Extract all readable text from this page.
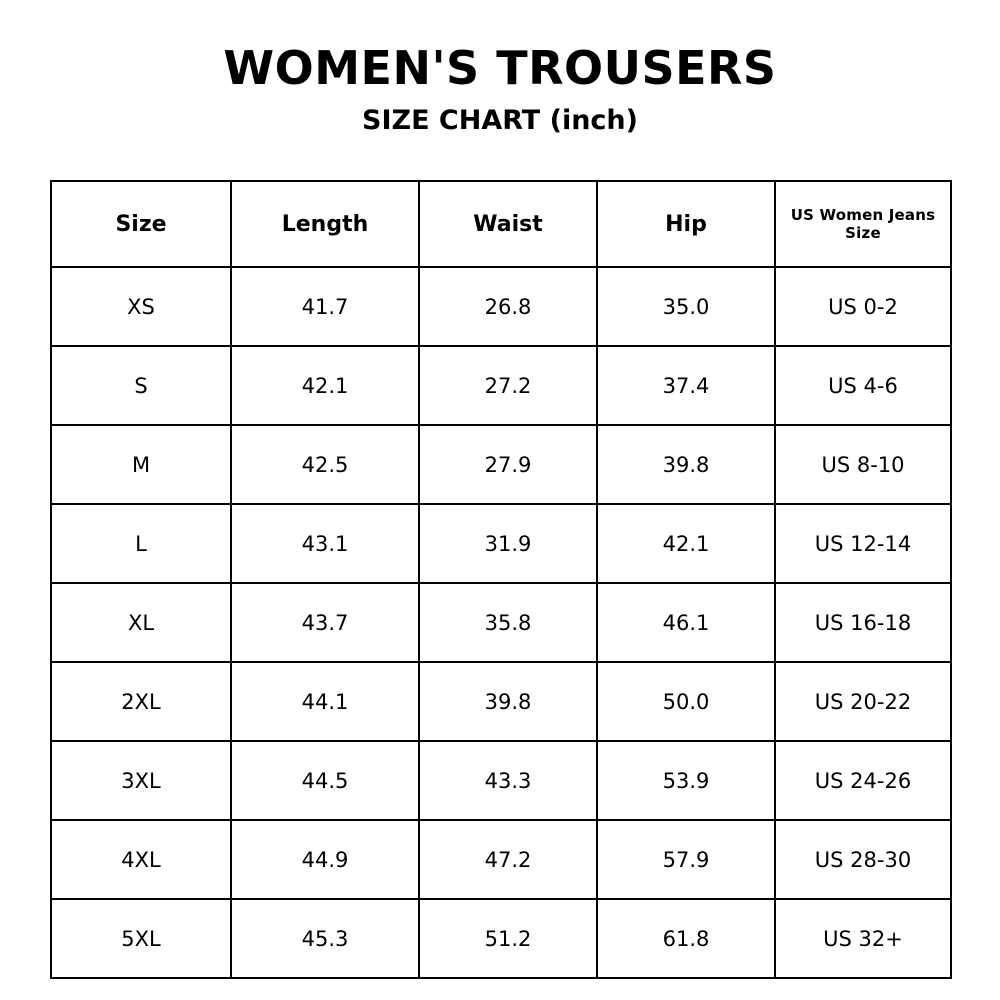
WOMEN'S TROUSERS
SIZE CHART (inch)
Size	Length	Waist	Hip	US Women Jeans Size
XS	41.7	26.8	35.0	US 0-2
S	42.1	27.2	37.4	US 4-6
M	42.5	27.9	39.8	US 8-10
L	43.1	31.9	42.1	US 12-14
XL	43.7	35.8	46.1	US 16-18
2XL	44.1	39.8	50.0	US 20-22
3XL	44.5	43.3	53.9	US 24-26
4XL	44.9	47.2	57.9	US 28-30
5XL	45.3	51.2	61.8	US 32+
